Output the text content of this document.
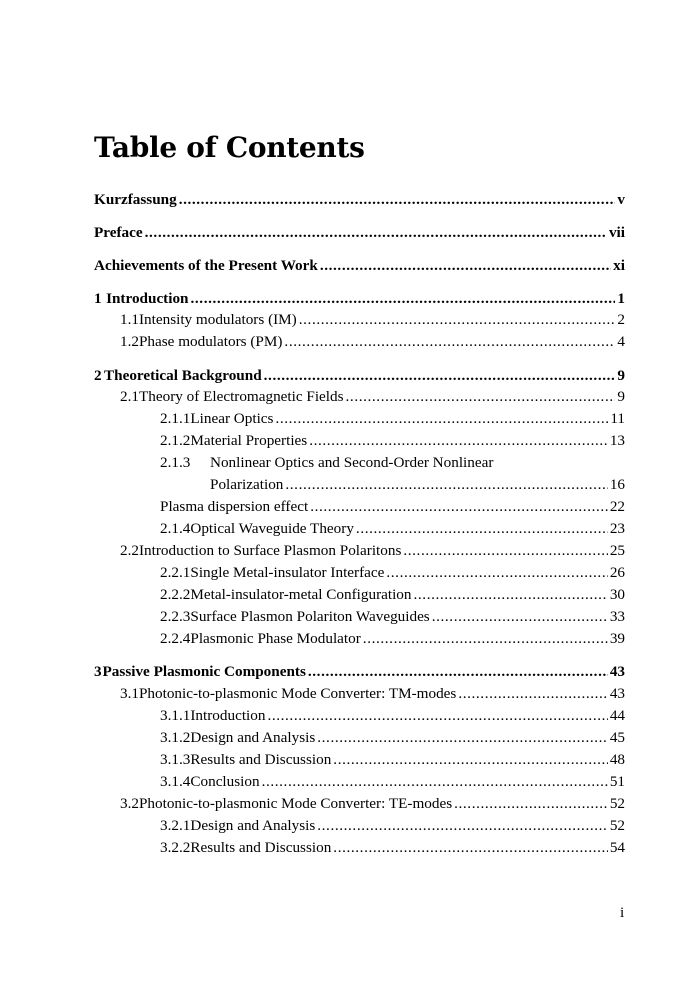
Table of Contents
Kurzfassung .....	v
Preface .....	vii
Achievements of the Present Work .....	xi
1 Introduction .....	1
1.1 Intensity modulators (IM) .....	2
1.2 Phase modulators (PM) .....	4
2 Theoretical Background .....	9
2.1 Theory of Electromagnetic Fields .....	9
2.1.1 Linear Optics .....	11
2.1.2 Material Properties .....	13
2.1.3 Nonlinear Optics and Second-Order Nonlinear
Polarization .....	16
Plasma dispersion effect .....	22
2.1.4 Optical Waveguide Theory .....	23
2.2 Introduction to Surface Plasmon Polaritons .....	25
2.2.1 Single Metal-insulator Interface .....	26
2.2.2 Metal-insulator-metal Configuration .....	30
2.2.3 Surface Plasmon Polariton Waveguides .....	33
2.2.4 Plasmonic Phase Modulator .....	39
3 Passive Plasmonic Components .....	43
3.1 Photonic-to-plasmonic Mode Converter: TM-modes .....	43
3.1.1 Introduction .....	44
3.1.2 Design and Analysis .....	45
3.1.3 Results and Discussion .....	48
3.1.4 Conclusion .....	51
3.2 Photonic-to-plasmonic Mode Converter: TE-modes .....	52
3.2.1 Design and Analysis .....	52
3.2.2 Results and Discussion .....	54
i
